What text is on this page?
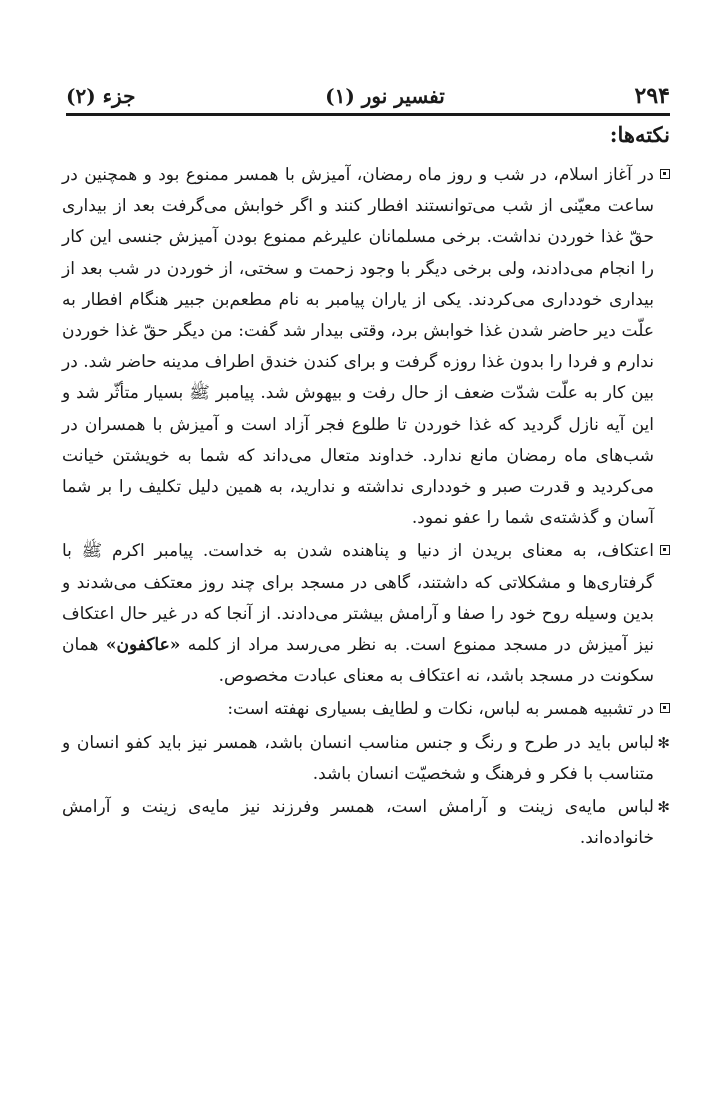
جزء (۲)	تفسیر نور (۱)	۲۹۴
نکته‌ها:

در آغاز اسلام، در شب و روز ماه رمضان، آمیزش با همسر ممنوع بود و همچنین در ساعت معیّنی از شب می‌توانستند افطار کنند و اگر خوابش می‌گرفت بعد از بیداری حقّ غذا خوردن نداشت. برخی مسلمانان علیرغم ممنوع بودن آمیزش جنسی این کار را انجام می‌دادند، ولی برخی دیگر با وجود زحمت و سختی، از خوردن در شب بعد از بیداری خودداری می‌کردند. یکی از یاران پیامبر به نام مطعم‌بن جبیر هنگام افطار به علّت دیر حاضر شدن غذا خوابش برد، وقتی بیدار شد گفت: من دیگر حقّ غذا خوردن ندارم و فردا را بدون غذا روزه گرفت و برای کندن خندق اطراف مدینه حاضر شد. در بین کار به علّت شدّت ضعف از حال رفت و بیهوش شد. پیامبر ﷺ بسیار متأثّر شد و این آیه نازل گردید که غذا خوردن تا طلوع فجر آزاد است و آمیزش با همسران در شب‌های ماه رمضان مانع ندارد. خداوند متعال می‌داند که شما به خویشتن خیانت می‌کردید و قدرت صبر و خودداری نداشته و ندارید، به همین دلیل تکلیف را بر شما آسان و گذشته‌ی شما را عفو نمود.

اعتکاف، به معنای بریدن از دنیا و پناهنده شدن به خداست. پیامبر اکرم ﷺ با گرفتاری‌ها و مشکلاتی که داشتند، گاهی در مسجد برای چند روز معتکف می‌شدند و بدین وسیله روح خود را صفا و آرامش بیشتر می‌دادند. از آنجا که در غیر حال اعتکاف نیز آمیزش در مسجد ممنوع است. به نظر می‌رسد مراد از کلمه «عاکفون» همان سکونت در مسجد باشد، نه اعتکاف به معنای عبادت مخصوص.

در تشبیه همسر به لباس، نکات و لطایف بسیاری نهفته است:

✻
لباس باید در طرح و رنگ و جنس مناسب انسان باشد، همسر نیز باید کفو انسان و متناسب با فکر و فرهنگ و شخصیّت انسان باشد.

✻
لباس مایه‌ی زینت و آرامش است، همسر وفرزند نیز مایه‌ی زینت و آرامش خانواده‌اند.
